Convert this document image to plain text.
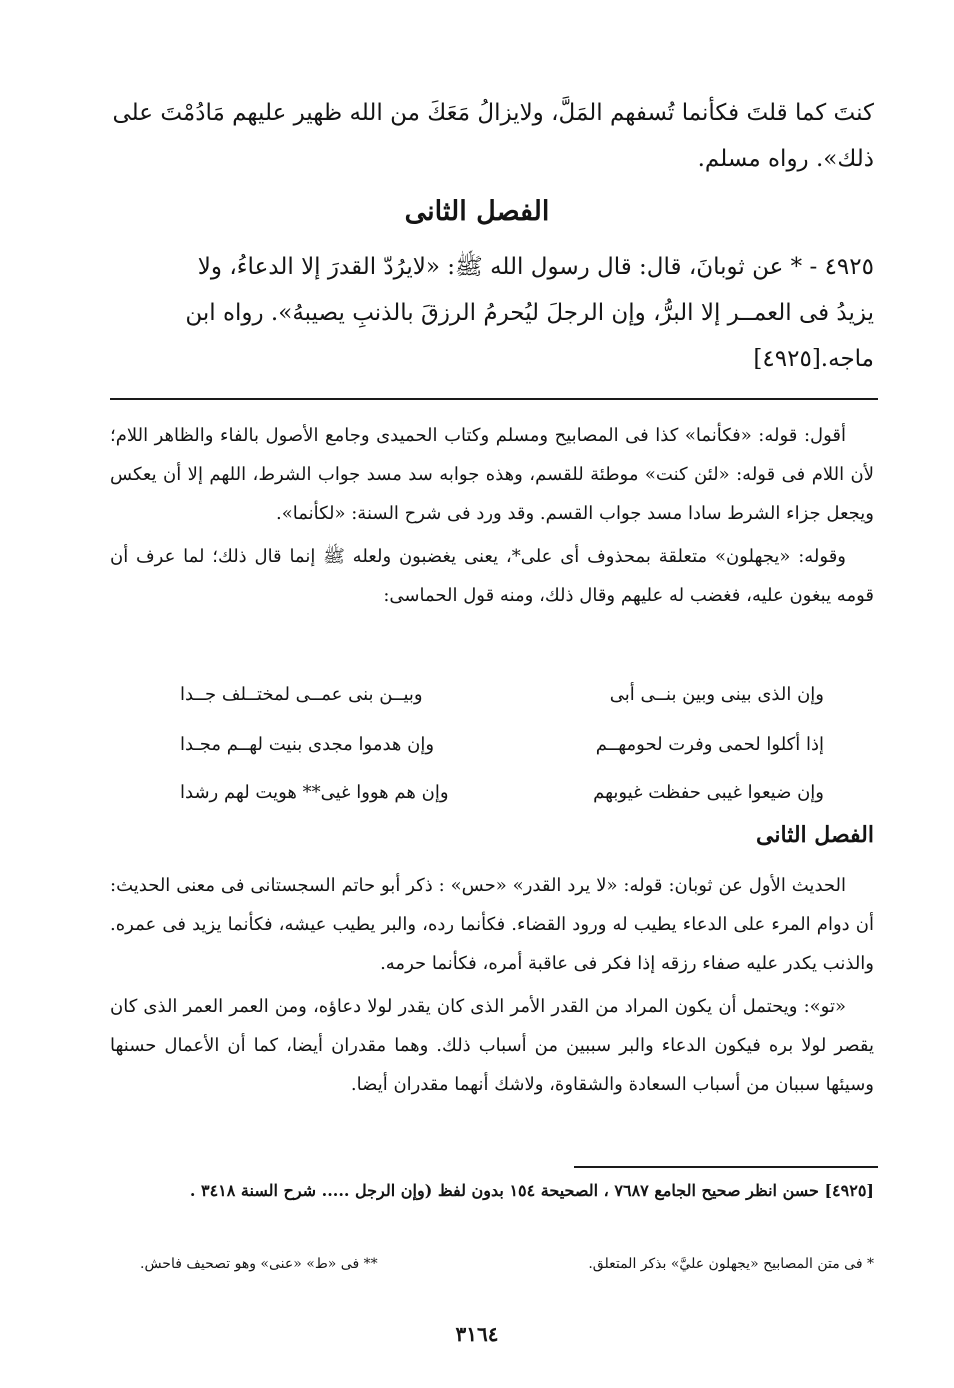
كنتَ كما قلتَ فكأنما تُسفهم المَلَّ، ولايزالُ مَعَكَ من الله ظهير عليهم مَادُمْتَ على
ذلك». رواه مسلم.
الفصل الثانى
٤٩٢٥ - * عن ثوبانَ، قال: قال رسول الله ﷺ: «لايرُدّ القدرَ إلا الدعاءُ، ولا
يزيدُ فى العمــر إلا البرُّ، وإن الرجلَ ليُحرمُ الرزقَ بالذنبِ يصيبهُ». رواه ابن
ماجه.[٤٩٢٥]

أقول: قوله: «فكأنما» كذا فى المصابيح ومسلم وكتاب الحميدى وجامع الأصول بالفاء والظاهر اللام؛ لأن اللام فى قوله: «لئن كنت» موطئة للقسم، وهذه جوابه سد مسد جواب الشرط، اللهم إلا أن يعكس ويجعل جزاء الشرط سادا مسد جواب القسم. وقد ورد فى شرح السنة: «لكأنما».

وقوله: «يجهلون» متعلقة بمحذوف أى على*، يعنى يغضبون ولعله ﷺ إنما قال ذلك؛ لما عرف أن قومه يبغون عليه، فغضب له عليهم وقال ذلك، ومنه قول الحماسى:

وإن الذى بينى وبين بنــى أبى
وبيــن بنى عمــى لمختــلف جــدا
إذا أكلوا لحمى وفرت لحومهــم
وإن هدموا مجدى بنيت لهــم مجـدا
وإن ضيعوا غيبى حفظت غيوبهم
وإن هم هووا غيى** هويت لهم رشدا
الفصل الثانى

الحديث الأول عن ثوبان: قوله: «لا يرد القدر» «حس» : ذكر أبو حاتم السجستانى فى معنى الحديث: أن دوام المرء على الدعاء يطيب له ورود القضاء. فكأنما رده، والبر يطيب عيشه، فكأنما يزيد فى عمره. والذنب يكدر عليه صفاء رزقه إذا فكر فى عاقبة أمره، فكأنما حرمه.

«تو»: ويحتمل أن يكون المراد من القدر الأمر الذى كان يقدر لولا دعاؤه، ومن العمر العمر الذى كان يقصر لولا بره فيكون الدعاء والبر سببين من أسباب ذلك. وهما مقدران أيضا، كما أن الأعمال حسنها وسيئها سببان من أسباب السعادة والشقاوة، ولاشك أنهما مقدران أيضا.

[٤٩٢٥] حسن انظر صحيح الجامع ٧٦٨٧ ، الصحيحة ١٥٤ بدون لفظ (وإن الرجل ..... شرح السنة ٣٤١٨ .
* فى متن المصابيح «يجهلون عليَّ» بذكر المتعلق.
** فى «ط» «عنى» وهو تصحيف فاحش.
٣١٦٤
